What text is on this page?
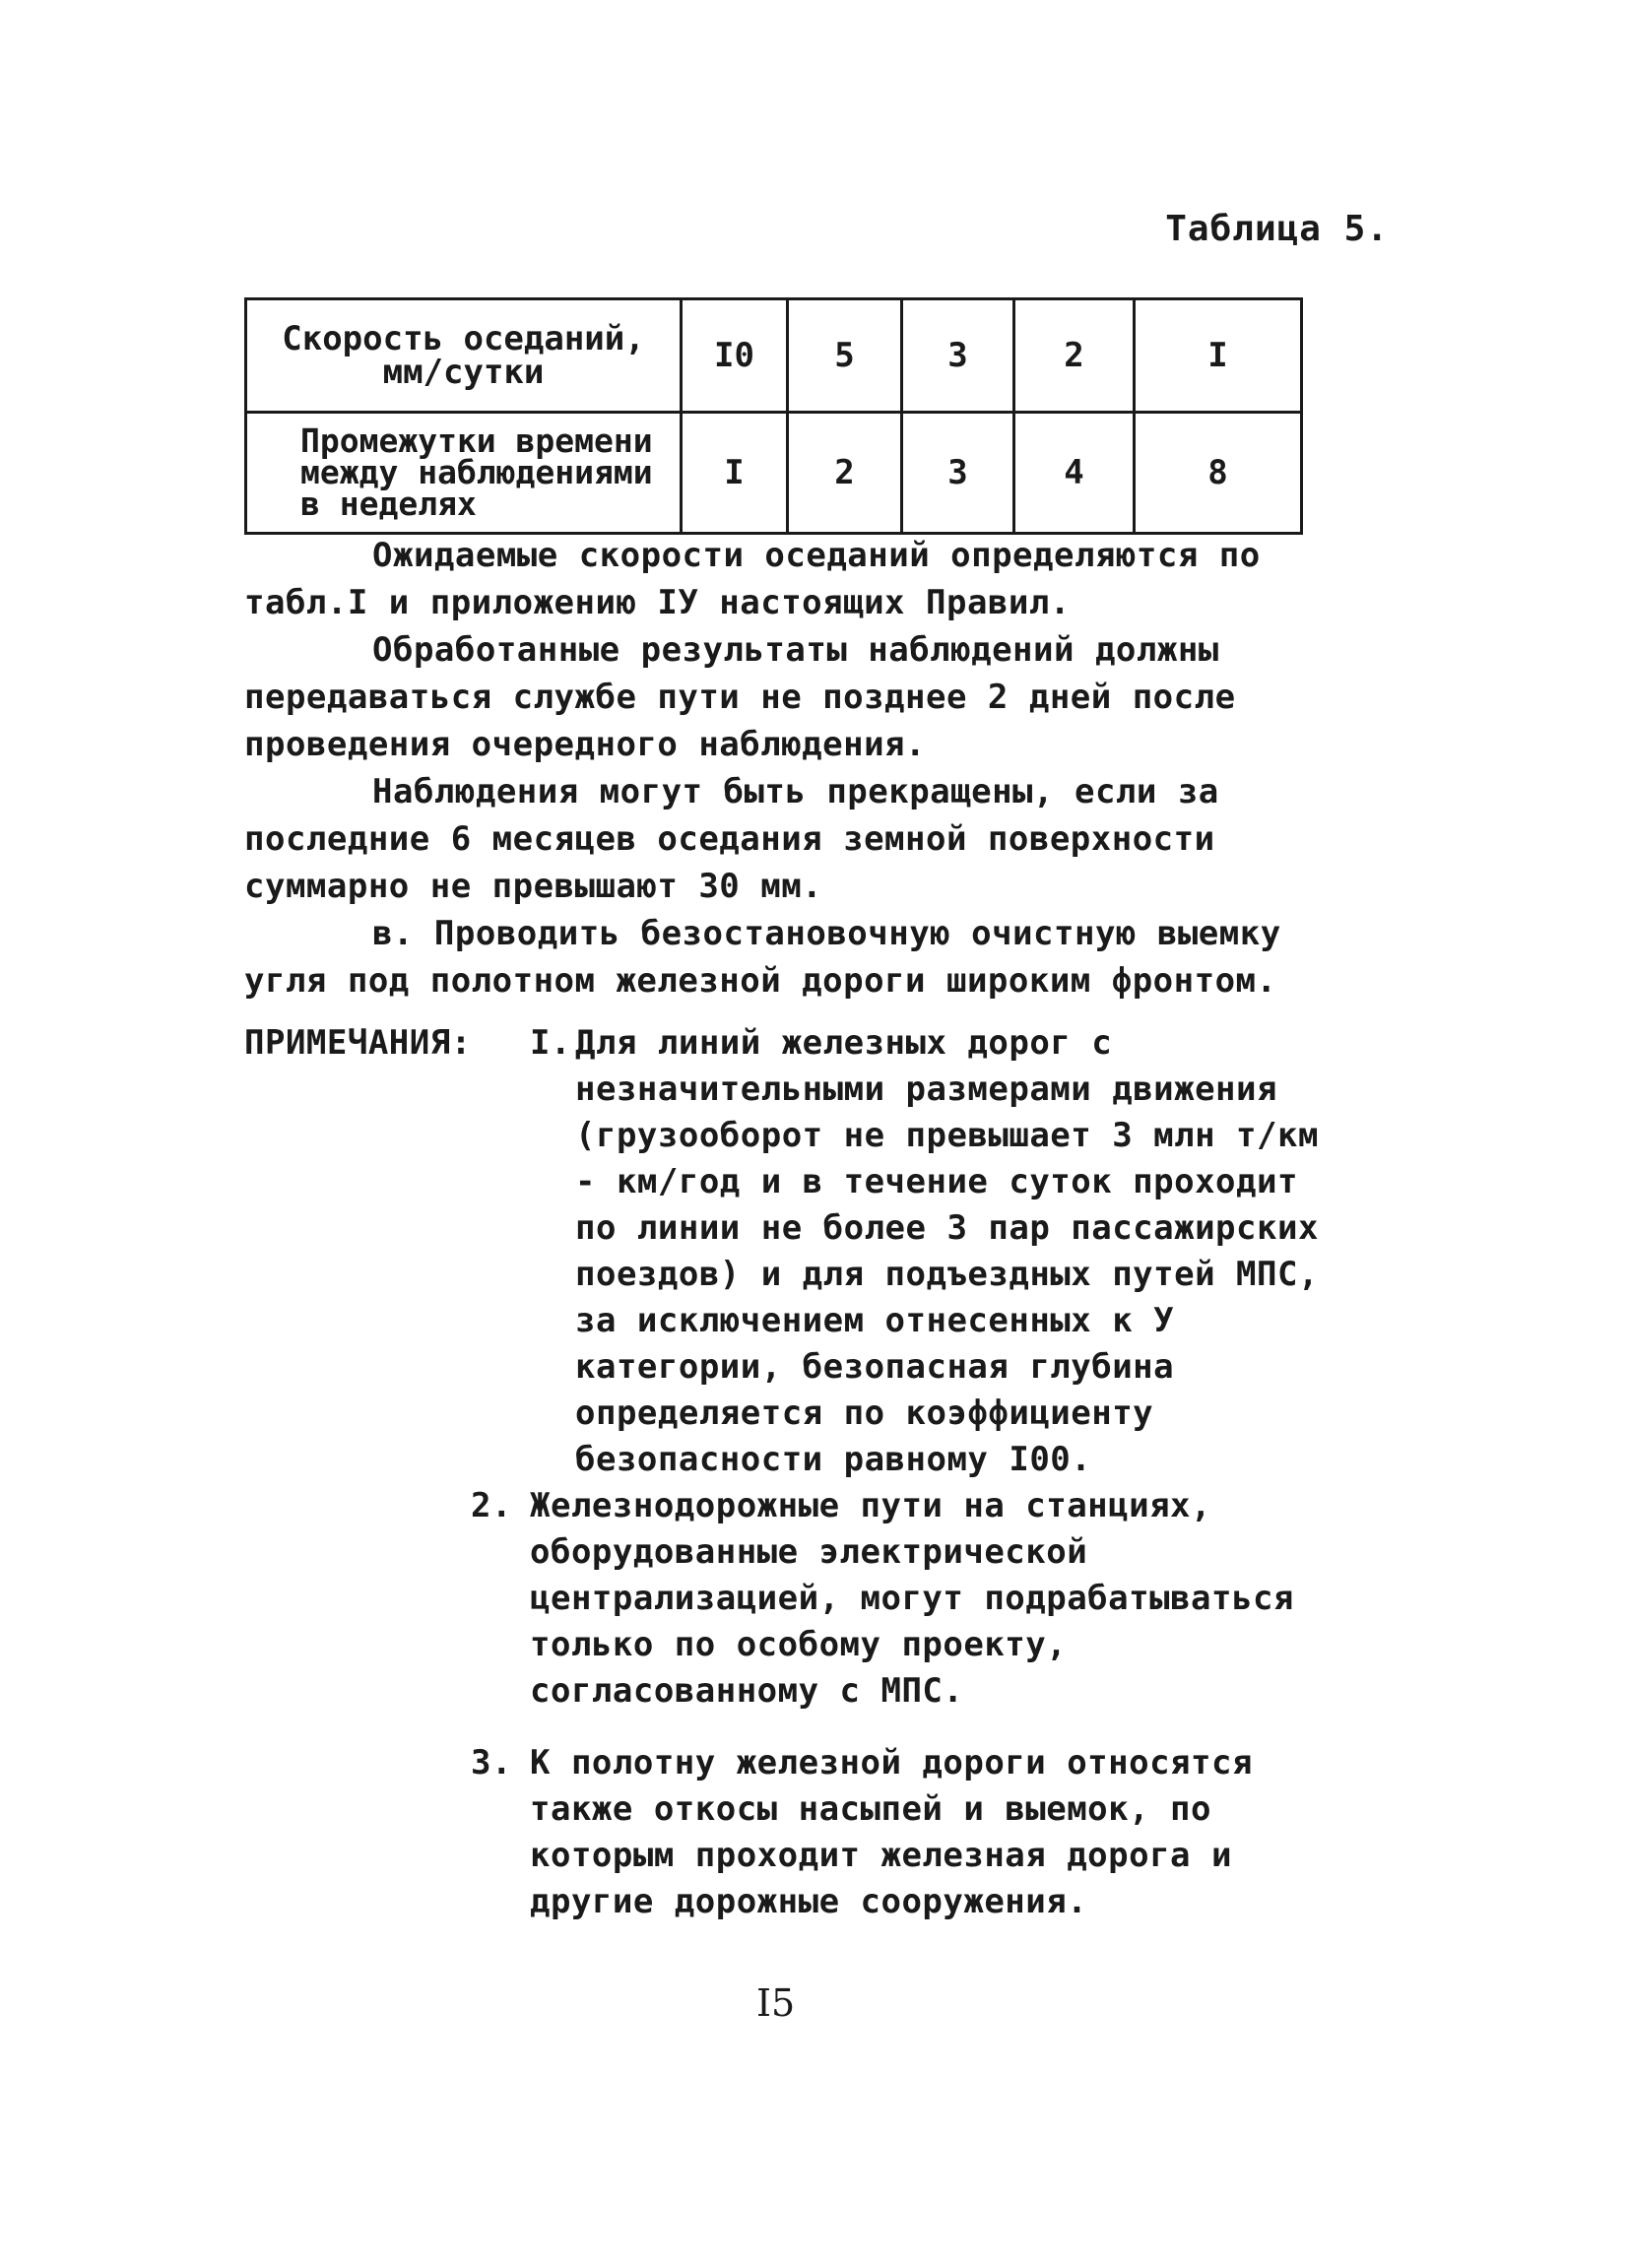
Таблица 5.
Скорость оседаний, мм/сутки	I0	5	3	2	I
Промежутки времени между наблюдениями в неделях	I	2	3	4	8

Ожидаемые скорости оседаний определяются по табл.I и приложению IУ настоящих Правил.

Обработанные результаты наблюдений должны передаваться службе пути не позднее 2 дней после проведения очередного наблюдения.

Наблюдения могут быть прекращены, если за последние 6 месяцев оседания земной поверхности суммарно не превышают 30 мм.

в. Проводить безостановочную очистную выемку угля под полотном железной дороги широким фронтом.

ПРИМЕЧАНИЯ:	I. Для линий железных дорог с незначительными размерами движения (грузооборот не превышает 3 млн т/км - км/год и в течение суток проходит по линии не более 3 пар пассажирских поездов) и для подъездных путей МПС, за исключением отнесенных к У категории, безопасная глубина определяется по коэффициенту безопасности равному I00.
2. Железнодорожные пути на станциях, оборудованные электрической централизацией, могут подрабатываться только по особому проекту, согласованному с МПС.
3. К полотну железной дороги относятся также откосы насыпей и выемок, по которым проходит железная дорога и другие дорожные сооружения.
I5
